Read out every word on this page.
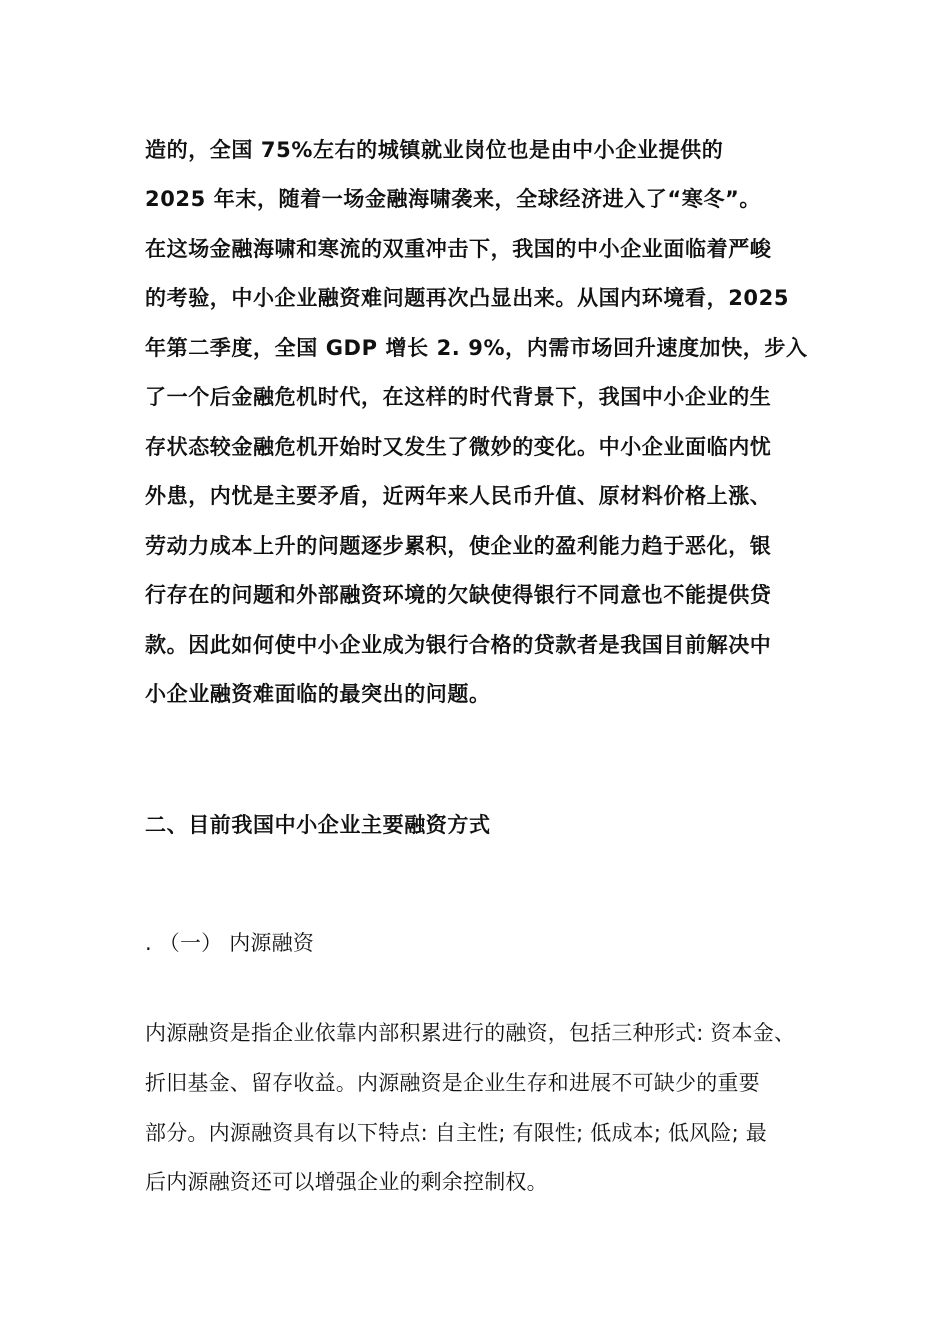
造的，全国 75%左右的城镇就业岗位也是由中小企业提供的
2025 年末，随着一场金融海啸袭来，全球经济进入了“寒冬”。
在这场金融海啸和寒流的双重冲击下，我国的中小企业面临着严峻
的考验，中小企业融资难问题再次凸显出来。从国内环境看，2025
年第二季度，全国 GDP 增长 2. 9%，内需市场回升速度加快，步入
了一个后金融危机时代，在这样的时代背景下，我国中小企业的生
存状态较金融危机开始时又发生了微妙的变化。中小企业面临内忧
外患，内忧是主要矛盾，近两年来人民币升值、原材料价格上涨、
劳动力成本上升的问题逐步累积，使企业的盈利能力趋于恶化，银
行存在的问题和外部融资环境的欠缺使得银行不同意也不能提供贷
款。因此如何使中小企业成为银行合格的贷款者是我国目前解决中
小企业融资难面临的最突出的问题。
二、目前我国中小企业主要融资方式
. （一） 内源融资
内源融资是指企业依靠内部积累进行的融资，包括三种形式: 资本金、
折旧基金、留存收益。内源融资是企业生存和进展不可缺少的重要
部分。内源融资具有以下特点: 自主性; 有限性; 低成本; 低风险; 最
后内源融资还可以增强企业的剩余控制权。
